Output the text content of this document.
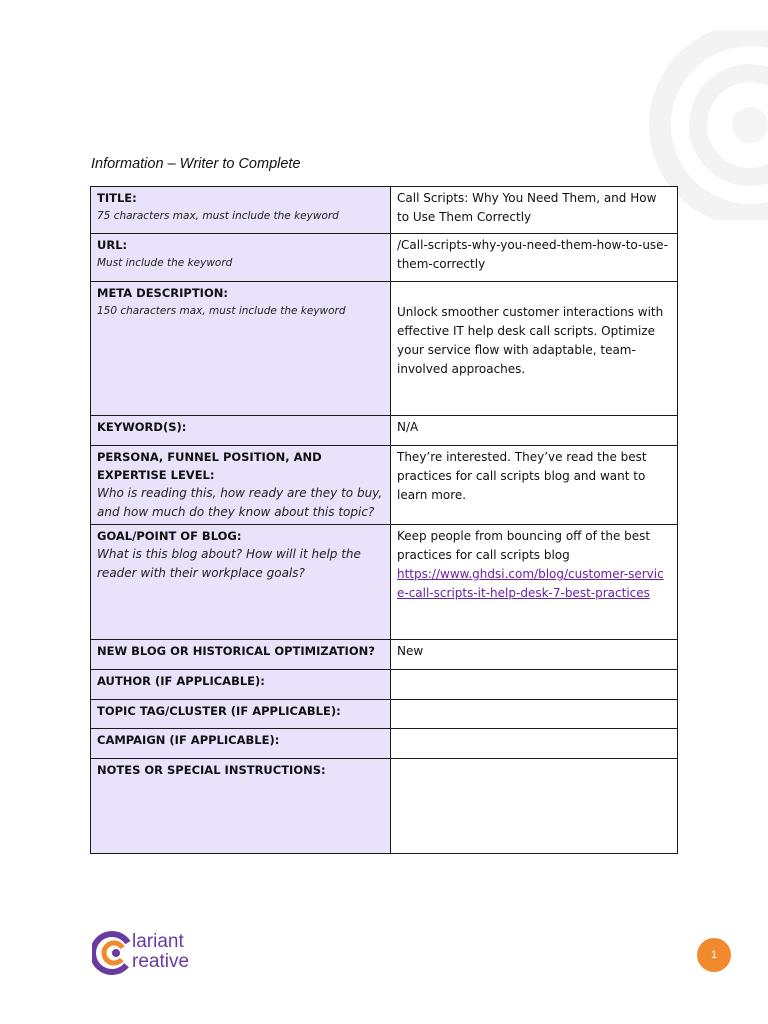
Information – Writer to Complete
TITLE:
75 characters max, must include the keyword	Call Scripts: Why You Need Them, and How to Use Them Correctly

URL:
Must include the keyword	/Call-scripts-why-you-need-them-how-to-use-them-correctly

META DESCRIPTION:
150 characters max, must include the keyword	Unlock smoother customer interactions with effective IT help desk call scripts. Optimize your service flow with adaptable, team-involved approaches.

KEYWORD(S):	N/A

PERSONA, FUNNEL POSITION, AND EXPERTISE LEVEL:
Who is reading this, how ready are they to buy, and how much do they know about this topic?	They’re interested. They’ve read the best practices for call scripts blog and want to learn more.

GOAL/POINT OF BLOG:
What is this blog about? How will it help the reader with their workplace goals?	Keep people from bouncing off of the best practices for call scripts blog
https://www.ghdsi.com/blog/customer-service-call-scripts-it-help-desk-7-best-practices

NEW BLOG OR HISTORICAL OPTIMIZATION?	New

AUTHOR (IF APPLICABLE):	

TOPIC TAG/CLUSTER (IF APPLICABLE):	

CAMPAIGN (IF APPLICABLE):	

NOTES OR SPECIAL INSTRUCTIONS:	

lariant
reative	1
